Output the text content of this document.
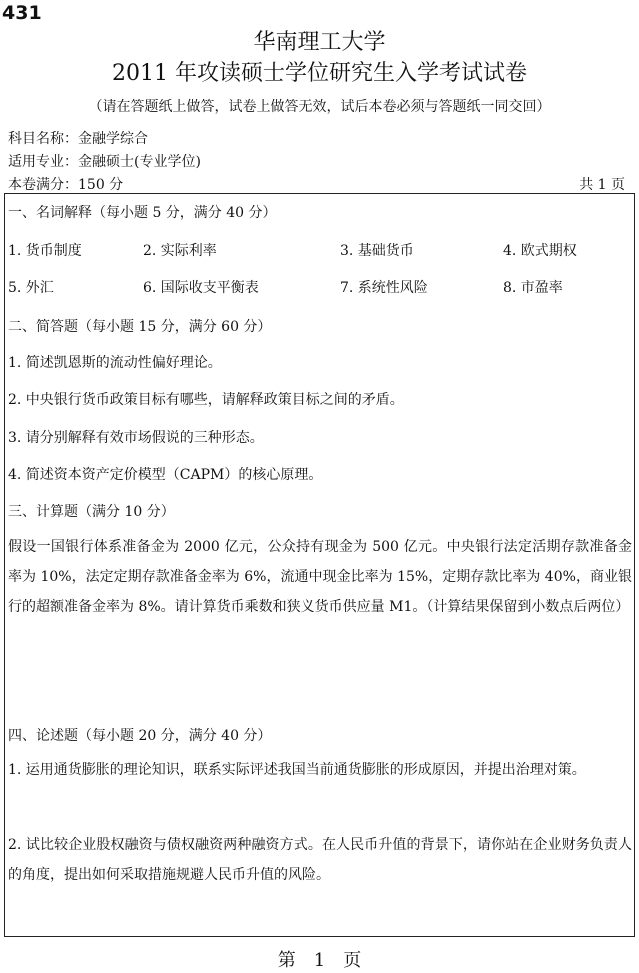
431
华南理工大学
2011 年攻读硕士学位研究生入学考试试卷
（请在答题纸上做答，试卷上做答无效，试后本卷必须与答题纸一同交回）
科目名称：金融学综合
适用专业：金融硕士(专业学位)
本卷满分：150 分	共 1 页
一、名词解释（每小题 5 分，满分 40 分）
1. 货币制度	2. 实际利率	3. 基础货币	4. 欧式期权
5. 外汇	6. 国际收支平衡表	7. 系统性风险	8. 市盈率
二、简答题（每小题 15 分，满分 60 分）
1. 简述凯恩斯的流动性偏好理论。
2. 中央银行货币政策目标有哪些，请解释政策目标之间的矛盾。
3. 请分别解释有效市场假说的三种形态。
4. 简述资本资产定价模型（CAPM）的核心原理。
三、计算题（满分 10 分）
假设一国银行体系准备金为 2000 亿元，公众持有现金为 500 亿元。中央银行法定活期存款准备金率为 10%，法定定期存款准备金率为 6%，流通中现金比率为 15%，定期存款比率为 40%，商业银行的超额准备金率为 8%。请计算货币乘数和狭义货币供应量 M1。（计算结果保留到小数点后两位）
四、论述题（每小题 20 分，满分 40 分）
1. 运用通货膨胀的理论知识，联系实际评述我国当前通货膨胀的形成原因，并提出治理对策。
2. 试比较企业股权融资与债权融资两种融资方式。在人民币升值的背景下，请你站在企业财务负责人的角度，提出如何采取措施规避人民币升值的风险。
第　1　页
